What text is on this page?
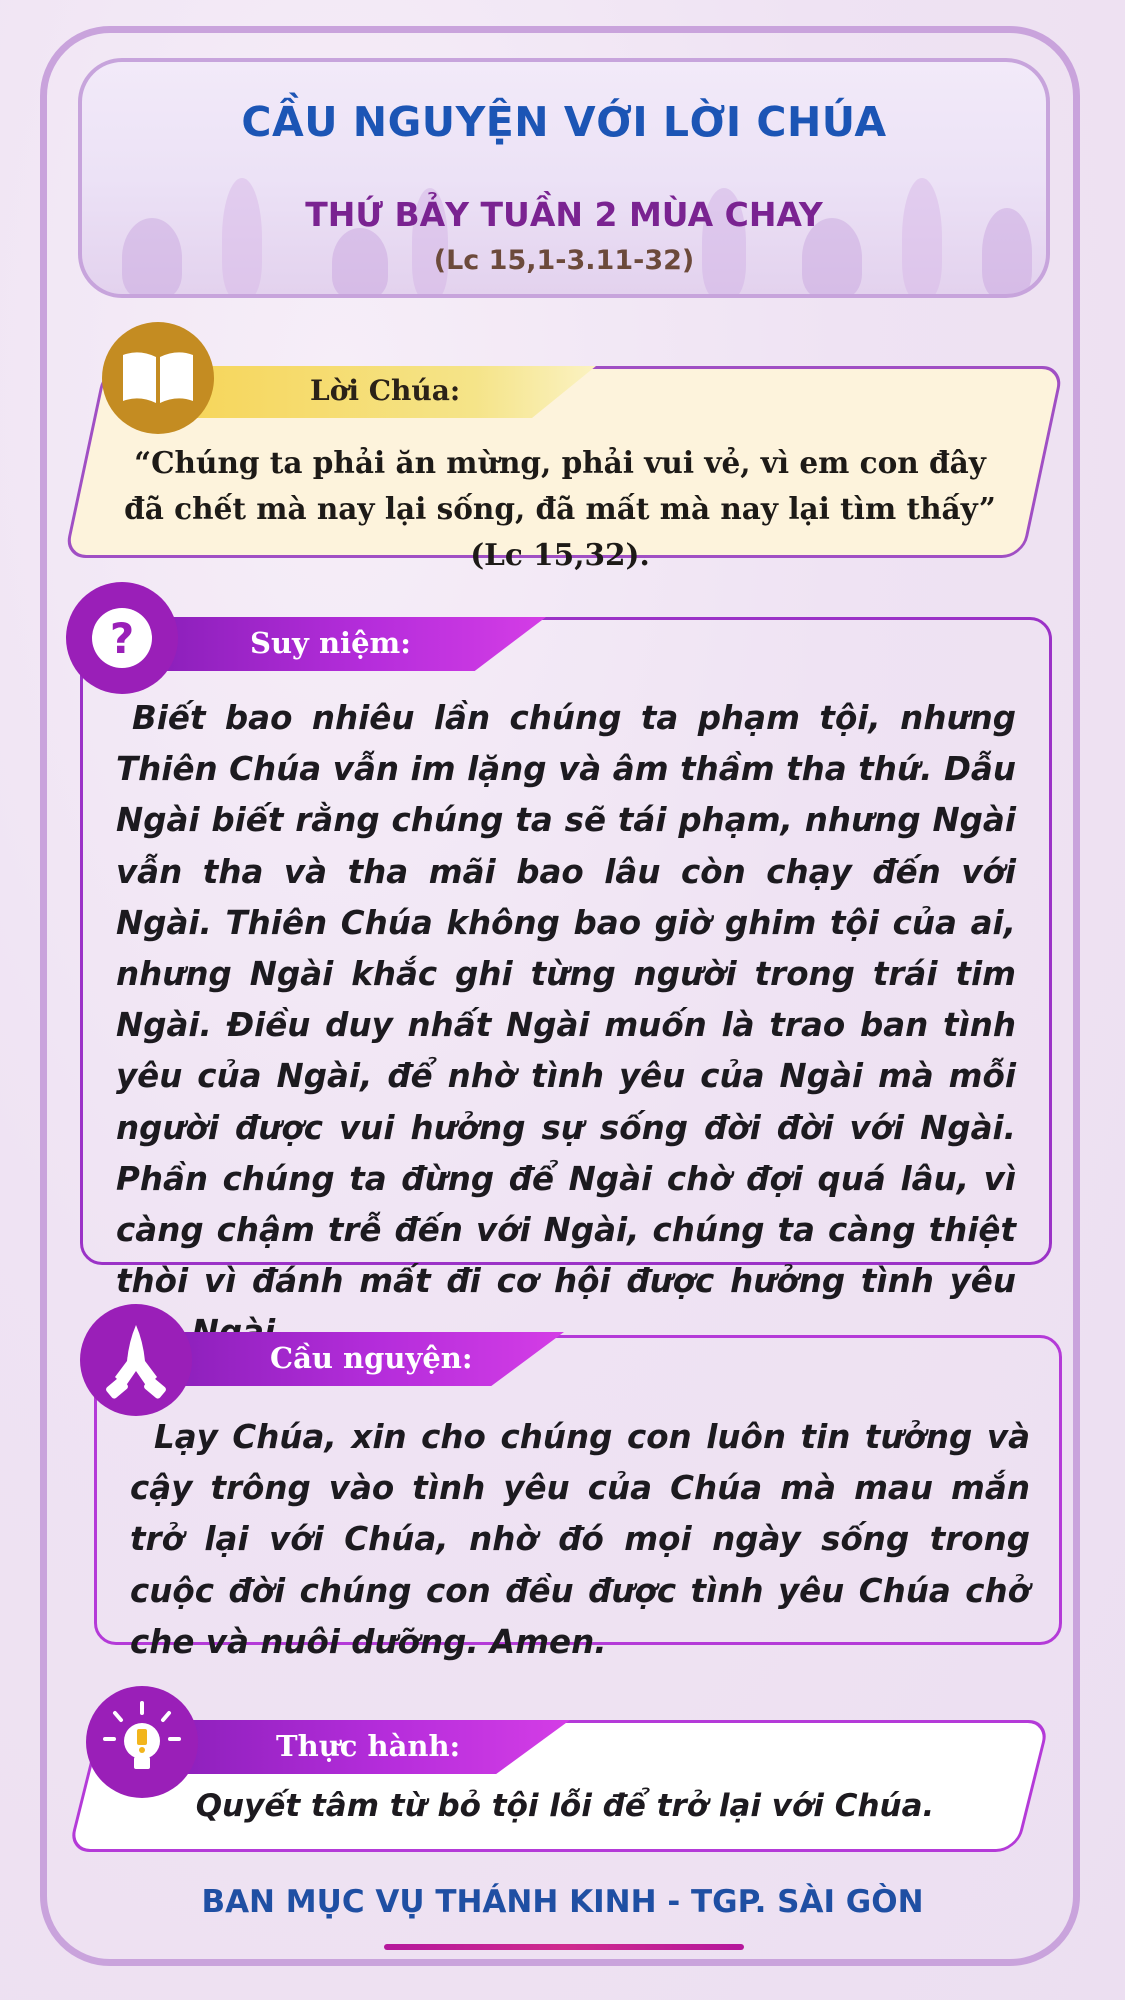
CẦU NGUYỆN VỚI LỜI CHÚA
THỨ BẢY TUẦN 2 MÙA CHAY
(Lc 15,1-3.11-32)
Lời Chúa:
“Chúng ta phải ăn mừng, phải vui vẻ, vì em con đây đã chết mà nay lại sống, đã mất mà nay lại tìm thấy” (Lc 15,32).
Suy niệm:
?
Biết bao nhiêu lần chúng ta phạm tội, nhưng Thiên Chúa vẫn im lặng và âm thầm tha thứ. Dẫu Ngài biết rằng chúng ta sẽ tái phạm, nhưng Ngài vẫn tha và tha mãi bao lâu còn chạy đến với Ngài. Thiên Chúa không bao giờ ghim tội của ai, nhưng Ngài khắc ghi từng người trong trái tim Ngài. Điều duy nhất Ngài muốn là trao ban tình yêu của Ngài, để nhờ tình yêu của Ngài mà mỗi người được vui hưởng sự sống đời đời với Ngài. Phần chúng ta đừng để Ngài chờ đợi quá lâu, vì càng chậm trễ đến với Ngài, chúng ta càng thiệt thòi vì đánh mất đi cơ hội được hưởng tình yêu
Cầu nguyện:
Lạy Chúa, xin cho chúng con luôn tin tưởng và cậy trông vào tình yêu của Chúa mà mau mắn trở lại với Chúa, nhờ đó mọi ngày sống trong cuộc đời chúng con đều được tình yêu Chúa chở che và nuôi dưỡng. Amen.
Thực hành:
Quyết tâm từ bỏ tội lỗi để trở lại với Chúa.
BAN MỤC VỤ THÁNH KINH - TGP. SÀI GÒN
